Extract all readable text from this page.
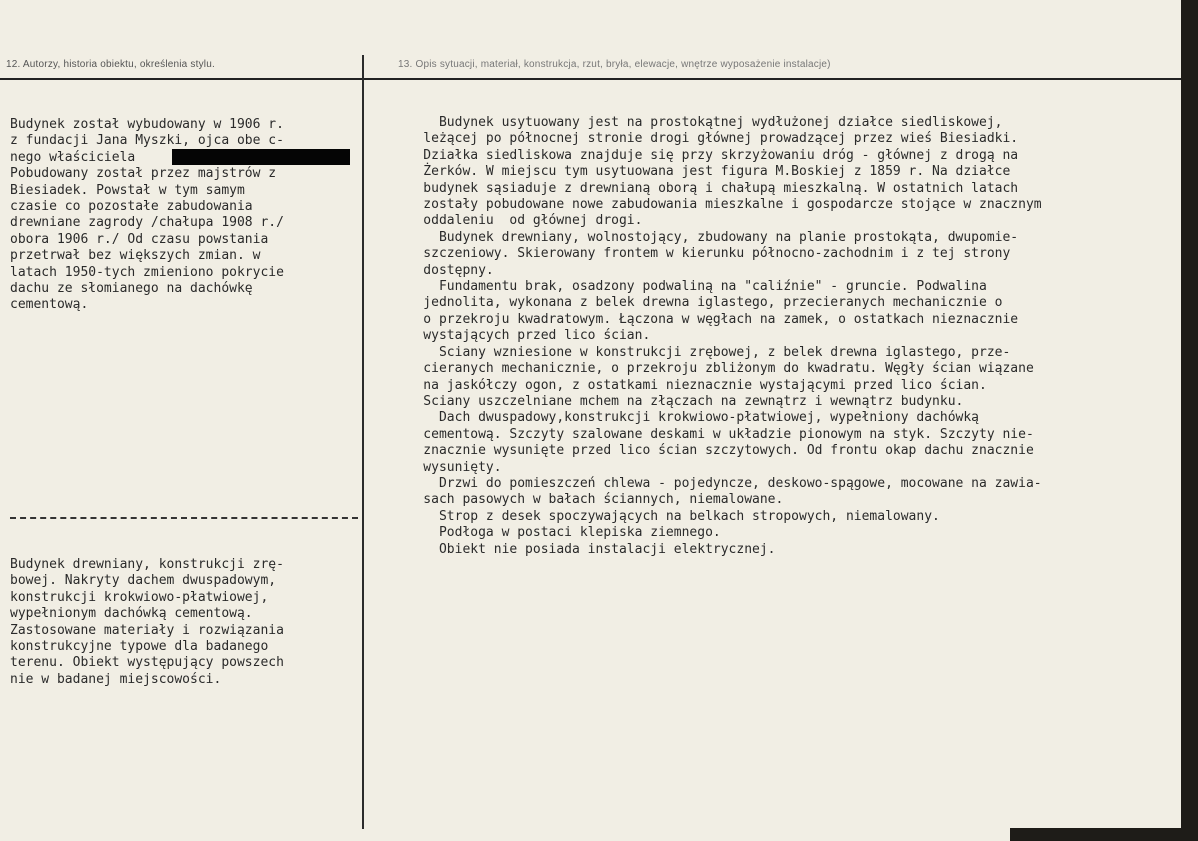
12. Autorzy, historia obiektu, określenia stylu.	13. Opis sytuacji, materiał, konstrukcja, rzut, bryła, elewacje, wnętrze wyposażenie instalacje)
Budynek został wybudowany w 1906 r.
z fundacji Jana Myszki, ojca obe c-
nego właściciela
Pobudowany został przez majstrów z
Biesiadek. Powstał w tym samym
czasie co pozostałe zabudowania
drewniane zagrody /chałupa 1908 r./
obora 1906 r./ Od czasu powstania
przetrwał bez większych zmian. w
latach 1950-tych zmieniono pokrycie
dachu ze słomianego na dachówkę
cementową.
Budynek drewniany, konstrukcji zrę-
bowej. Nakryty dachem dwuspadowym,
konstrukcji krokwiowo-płatwiowej,
wypełnionym dachówką cementową.
Zastosowane materiały i rozwiązania
konstrukcyjne typowe dla badanego
terenu. Obiekt występujący powszech
nie w badanej miejscowości.
Budynek usytuowany jest na prostokątnej wydłużonej działce siedliskowej,
leżącej po północnej stronie drogi głównej prowadzącej przez wieś Biesiadki.
Działka siedliskowa znajduje się przy skrzyżowaniu dróg - głównej z drogą na
Żerków. W miejscu tym usytuowana jest figura M.Boskiej z 1859 r. Na działce
budynek sąsiaduje z drewnianą oborą i chałupą mieszkalną. W ostatnich latach
zostały pobudowane nowe zabudowania mieszkalne i gospodarcze stojące w znacznym
oddaleniu  od głównej drogi.
Budynek drewniany, wolnostojący, zbudowany na planie prostokąta, dwupomie-
szczeniowy. Skierowany frontem w kierunku północno-zachodnim i z tej strony
dostępny.
Fundamentu brak, osadzony podwaliną na "caliźnie" - gruncie. Podwalina
jednolita, wykonana z belek drewna iglastego, przecieranych mechanicznie o
o przekroju kwadratowym. Łączona w węgłach na zamek, o ostatkach nieznacznie
wystających przed lico ścian.
Sciany wzniesione w konstrukcji zrębowej, z belek drewna iglastego, prze-
cieranych mechanicznie, o przekroju zbliżonym do kwadratu. Węgły ścian wiązane
na jaskółczy ogon, z ostatkami nieznacznie wystającymi przed lico ścian.
Sciany uszczelniane mchem na złączach na zewnątrz i wewnątrz budynku.
Dach dwuspadowy,konstrukcji krokwiowo-płatwiowej, wypełniony dachówką
cementową. Szczyty szalowane deskami w układzie pionowym na styk. Szczyty nie-
znacznie wysunięte przed lico ścian szczytowych. Od frontu okap dachu znacznie
wysunięty.
Drzwi do pomieszczeń chlewa - pojedyncze, deskowo-spągowe, mocowane na zawia-
sach pasowych w bałach ściannych, niemalowane.
Strop z desek spoczywających na belkach stropowych, niemalowany.
Podłoga w postaci klepiska ziemnego.
Obiekt nie posiada instalacji elektrycznej.
